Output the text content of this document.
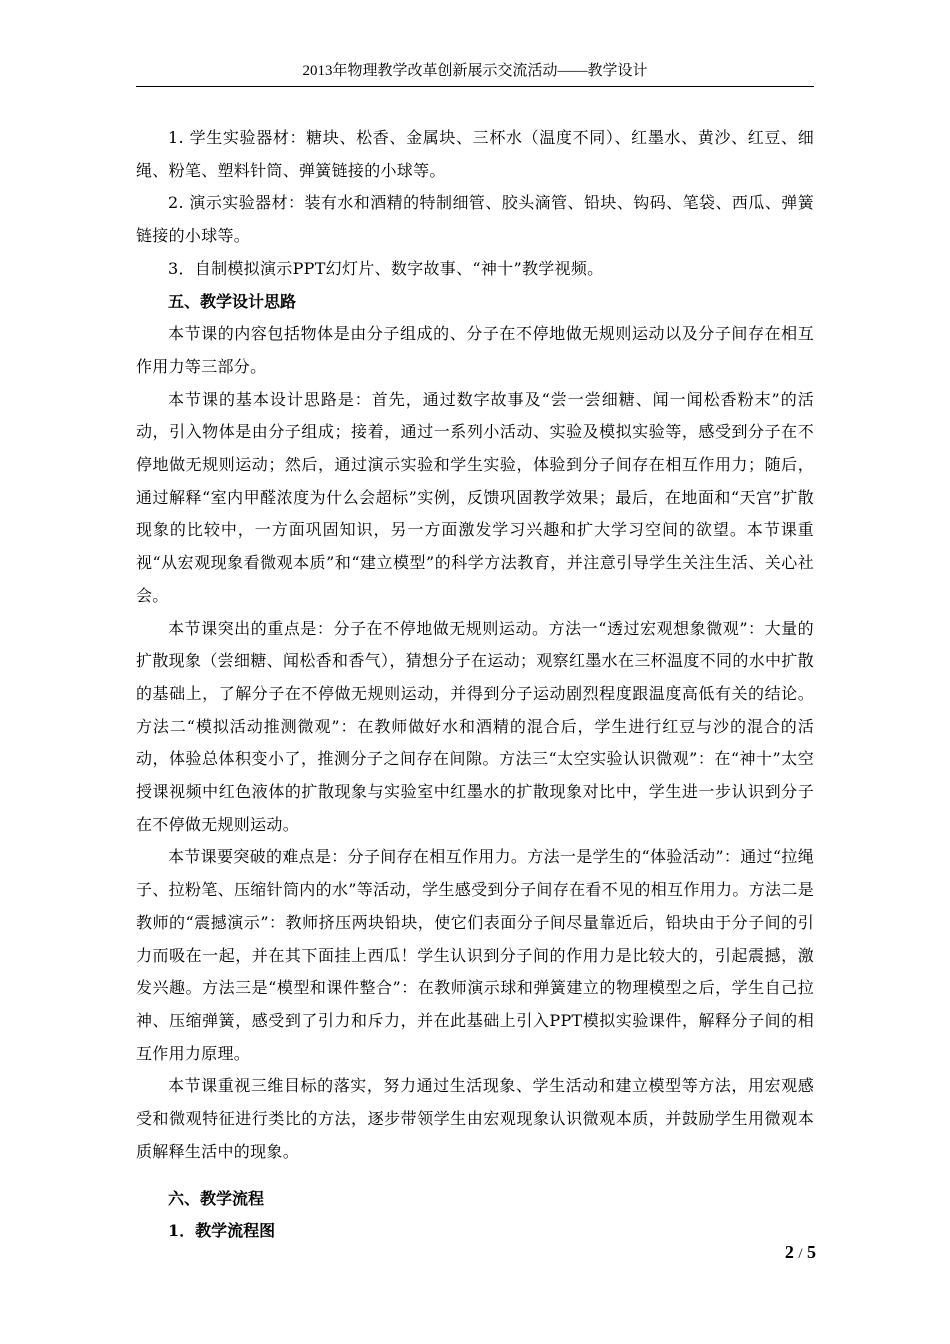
2013年物理教学改革创新展示交流活动——教学设计

1. 学生实验器材：糖块、松香、金属块、三杯水（温度不同）、红墨水、黄沙、红豆、细绳、粉笔、塑料针筒、弹簧链接的小球等。

2. 演示实验器材：装有水和酒精的特制细管、胶头滴管、铅块、钩码、笔袋、西瓜、弹簧链接的小球等。

3．自制模拟演示PPT幻灯片、数字故事、“神十”教学视频。

五、教学设计思路

本节课的内容包括物体是由分子组成的、分子在不停地做无规则运动以及分子间存在相互作用力等三部分。

本节课的基本设计思路是：首先，通过数字故事及“尝一尝细糖、闻一闻松香粉末”的活动，引入物体是由分子组成；接着，通过一系列小活动、实验及模拟实验等，感受到分子在不停地做无规则运动；然后，通过演示实验和学生实验，体验到分子间存在相互作用力；随后，通过解释“室内甲醛浓度为什么会超标”实例，反馈巩固教学效果；最后，在地面和“天宫”扩散现象的比较中，一方面巩固知识，另一方面激发学习兴趣和扩大学习空间的欲望。本节课重视“从宏观现象看微观本质”和“建立模型”的科学方法教育，并注意引导学生关注生活、关心社会。

本节课突出的重点是：分子在不停地做无规则运动。方法一“透过宏观想象微观”：大量的扩散现象（尝细糖、闻松香和香气），猜想分子在运动；观察红墨水在三杯温度不同的水中扩散的基础上，了解分子在不停做无规则运动，并得到分子运动剧烈程度跟温度高低有关的结论。方法二“模拟活动推测微观”：在教师做好水和酒精的混合后，学生进行红豆与沙的混合的活动，体验总体积变小了，推测分子之间存在间隙。方法三“太空实验认识微观”：在“神十”太空授课视频中红色液体的扩散现象与实验室中红墨水的扩散现象对比中，学生进一步认识到分子在不停做无规则运动。

本节课要突破的难点是：分子间存在相互作用力。方法一是学生的“体验活动”：通过“拉绳子、拉粉笔、压缩针筒内的水”等活动，学生感受到分子间存在看不见的相互作用力。方法二是教师的“震撼演示”：教师挤压两块铅块，使它们表面分子间尽量靠近后，铅块由于分子间的引力而吸在一起，并在其下面挂上西瓜！学生认识到分子间的作用力是比较大的，引起震撼，激发兴趣。方法三是“模型和课件整合”：在教师演示球和弹簧建立的物理模型之后，学生自己拉神、压缩弹簧，感受到了引力和斥力，并在此基础上引入PPT模拟实验课件，解释分子间的相互作用力原理。

本节课重视三维目标的落实，努力通过生活现象、学生活动和建立模型等方法，用宏观感受和微观特征进行类比的方法，逐步带领学生由宏观现象认识微观本质，并鼓励学生用微观本质解释生活中的现象。

六、教学流程

1．教学流程图

2 / 5
